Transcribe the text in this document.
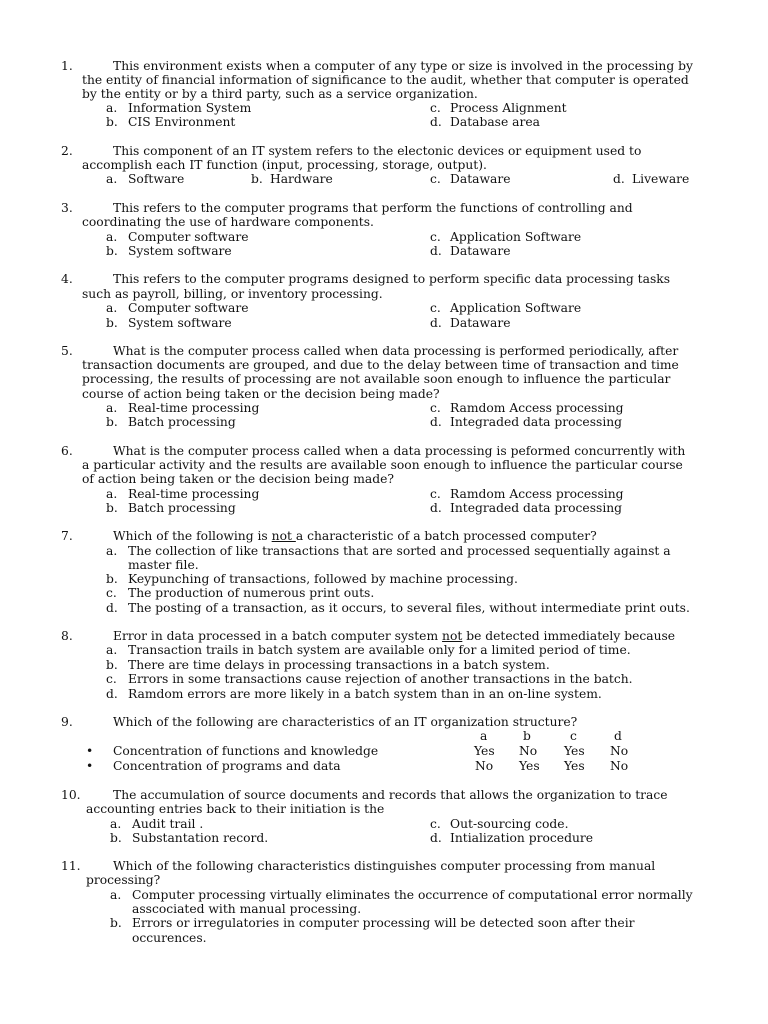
1.	This environment exists when a computer of any type or size is involved in the processing by
the entity of financial information of significance to the audit, whether that computer is operated
by the entity or by a third party, such as a service organization.
a. Information System	c. Process Alignment
b. CIS Environment	d. Database area
2.	This component of an IT system refers to the electonic devices or equipment used to
accomplish each IT function (input, processing, storage, output).
a. Software	b. Hardware	c. Dataware	d. Liveware
3.	This refers to the computer programs that perform the functions of controlling and
coordinating the use of hardware components.
a. Computer software	c. Application Software
b. System software	d. Dataware
4.	This refers to the computer programs designed to perform specific data processing tasks
such as payroll, billing, or inventory processing.
a. Computer software	c. Application Software
b. System software	d. Dataware
5.	What is the computer process called when data processing is performed periodically, after
transaction documents are grouped, and due to the delay between time of transaction and time
processing, the results of processing are not available soon enough to influence the particular
course of action being taken or the decision being made?
a. Real-time processing	c. Ramdom Access processing
b. Batch processing	d. Integraded data processing
6.	What is the computer process called when a data processing is peformed concurrently with
a particular activity and the results are available soon enough to influence the particular course
of action being taken or the decision being made?
a. Real-time processing	c. Ramdom Access processing
b. Batch processing	d. Integraded data processing
7.	Which of the following is not a characteristic of a batch processed computer?
a. The collection of like transactions that are sorted and processed sequentially against a
master file.
b. Keypunching of transactions, followed by machine processing.
c. The production of numerous print outs.
d. The posting of a transaction, as it occurs, to several files, without intermediate print outs.
8.	Error in data processed in a batch computer system not be detected immediately because
a. Transaction trails in batch system are available only for a limited period of time.
b. There are time delays in processing transactions in a batch system.
c. Errors in some transactions cause rejection of another transactions in the batch.
d. Ramdom errors are more likely in a batch system than in an on-line system.
9.	Which of the following are characteristics of an IT organization structure?
a	b	c	d
• Concentration of functions and knowledge	Yes No Yes No
• Concentration of programs and data	No Yes Yes No
10.	The accumulation of source documents and records that allows the organization to trace
accounting entries back to their initiation is the
a. Audit trail .	c. Out-sourcing code.
b. Substantation record.	d. Intialization procedure
11.	Which of the following characteristics distinguishes computer processing from manual
processing?
a. Computer processing virtually eliminates the occurrence of computational error normally
asscociated with manual processing.
b. Errors or irregulatories in computer processing will be detected soon after their
occurences.
